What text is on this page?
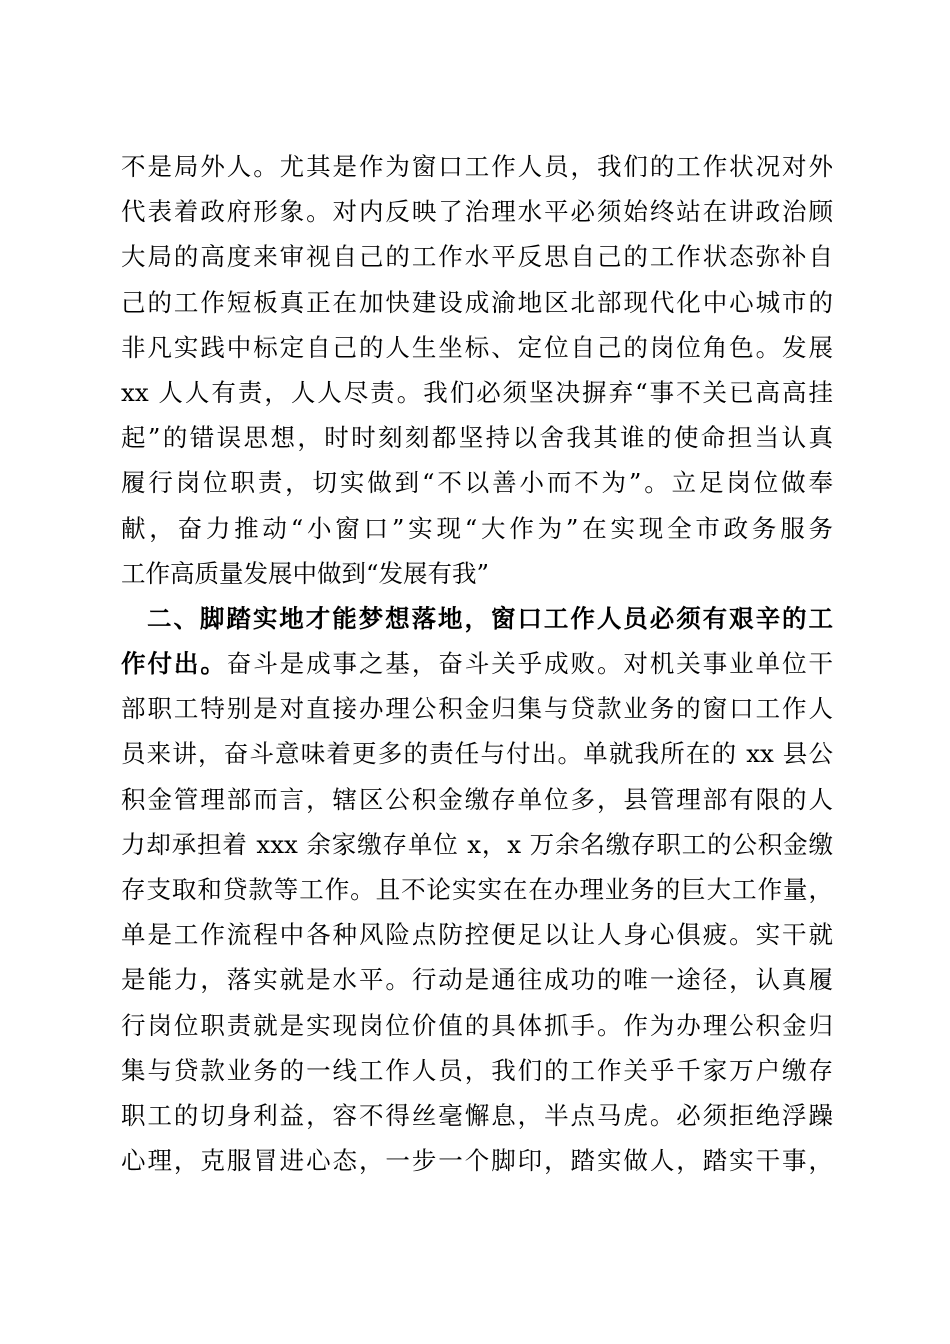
不是局外人。尤其是作为窗口工作人员，我们的工作状况对外
代表着政府形象。对内反映了治理水平必须始终站在讲政治顾
大局的高度来审视自己的工作水平反思自己的工作状态弥补自
己的工作短板真正在加快建设成渝地区北部现代化中心城市的
非凡实践中标定自己的人生坐标、定位自己的岗位角色。发展
xx 人人有责，人人尽责。我们必须坚决摒弃“事不关已高高挂
起”的错误思想，时时刻刻都坚持以舍我其谁的使命担当认真
履行岗位职责，切实做到“不以善小而不为”。立足岗位做奉
献，奋力推动“小窗口”实现“大作为”在实现全市政务服务
工作高质量发展中做到“发展有我”
二、脚踏实地才能梦想落地，窗口工作人员必须有艰辛的工
作付出。奋斗是成事之基，奋斗关乎成败。对机关事业单位干
部职工特别是对直接办理公积金归集与贷款业务的窗口工作人
员来讲，奋斗意味着更多的责任与付出。单就我所在的 xx 县公
积金管理部而言，辖区公积金缴存单位多，县管理部有限的人
力却承担着 xxx 余家缴存单位 x，x 万余名缴存职工的公积金缴
存支取和贷款等工作。且不论实实在在办理业务的巨大工作量，
单是工作流程中各种风险点防控便足以让人身心俱疲。实干就
是能力，落实就是水平。行动是通往成功的唯一途径，认真履
行岗位职责就是实现岗位价值的具体抓手。作为办理公积金归
集与贷款业务的一线工作人员，我们的工作关乎千家万户缴存
职工的切身利益，容不得丝毫懈息，半点马虎。必须拒绝浮躁
心理，克服冒进心态，一步一个脚印，踏实做人，踏实干事，
